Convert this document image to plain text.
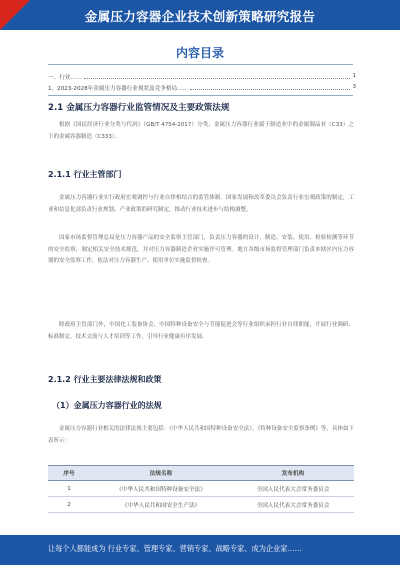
金属压力容器企业技术创新策略研究报告
内容目录
一、行业……	1
1、2023-2028年金属压力容器行业现状及竞争格局……	3
2.1 金属压力容器行业监管情况及主要政策法规

根据《国民经济行业分类与代码》（GB/T 4754-2017）分类，金属压力容器行业属于制造业中的金属制品业（C33）之下的金属容器制造（C333）。

2.1.1 行业主管部门

金属压力容器行业实行政府宏观调控与行业自律相结合的监管体制。国家发展和改革委员会负责行业宏观政策的制定，工业和信息化部负责行业规划、产业政策的研究制定，推动行业技术进步与结构调整。

国家市场监督管理总局是压力容器产品的安全监察主管部门，负责压力容器的设计、制造、安装、使用、检验检测等环节的安全监察，制定相关安全技术规范，并对压力容器制造企业实施许可管理。地方各级市场监督管理部门负责本辖区内压力容器的安全监察工作，依法对压力容器生产、使用单位实施监督检查。

除政府主管部门外，中国化工装备协会、中国特种设备安全与节能促进会等行业组织承担行业自律职能，开展行业调研、标准制定、技术交流与人才培训等工作，引导行业健康有序发展。

2.1.2 行业主要法律法规和政策
（1）金属压力容器行业的法规

金属压力容器行业相关的法律法规主要包括：《中华人民共和国特种设备安全法》、《特种设备安全监察条例》等，具体如下表所示：

序号	法规名称	发布机构
1	《中华人民共和国特种设备安全法》	全国人民代表大会常务委员会
2	《中华人民共和国安全生产法》	全国人民代表大会常务委员会
让每个人都能成为 行业专家、管理专家、营销专家、战略专家、成为企业家……
